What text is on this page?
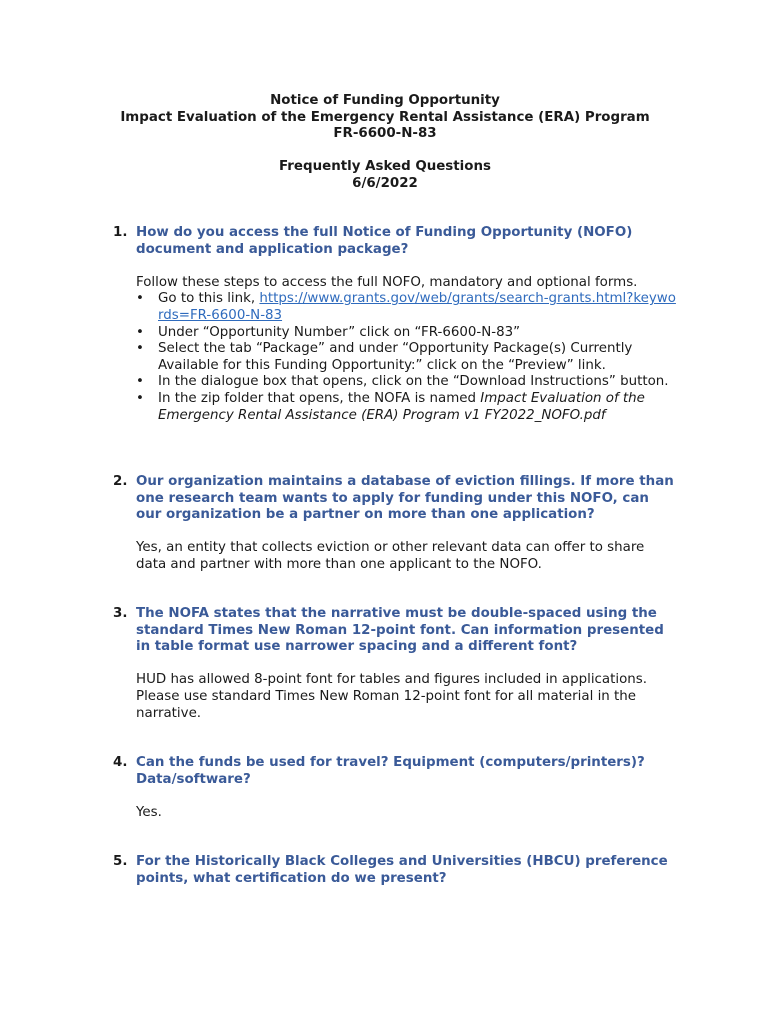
Notice of Funding Opportunity
Impact Evaluation of the Emergency Rental Assistance (ERA) Program
FR-6600-N-83
Frequently Asked Questions
6/6/2022
1. How do you access the full Notice of Funding Opportunity (NOFO) document and application package?
Follow these steps to access the full NOFO, mandatory and optional forms.
• Go to this link, https://www.grants.gov/web/grants/search-grants.html?keywords=FR-6600-N-83
• Under “Opportunity Number” click on “FR-6600-N-83”
• Select the tab “Package” and under “Opportunity Package(s) Currently Available for this Funding Opportunity:” click on the “Preview” link.
• In the dialogue box that opens, click on the “Download Instructions” button.
• In the zip folder that opens, the NOFA is named Impact Evaluation of the Emergency Rental Assistance (ERA) Program v1 FY2022_NOFO.pdf
2. Our organization maintains a database of eviction fillings. If more than one research team wants to apply for funding under this NOFO, can our organization be a partner on more than one application?
Yes, an entity that collects eviction or other relevant data can offer to share data and partner with more than one applicant to the NOFO.
3. The NOFA states that the narrative must be double-spaced using the standard Times New Roman 12-point font. Can information presented in table format use narrower spacing and a different font?
HUD has allowed 8-point font for tables and figures included in applications. Please use standard Times New Roman 12-point font for all material in the narrative.
4. Can the funds be used for travel? Equipment (computers/printers)? Data/software?
Yes.
5. For the Historically Black Colleges and Universities (HBCU) preference points, what certification do we present?
